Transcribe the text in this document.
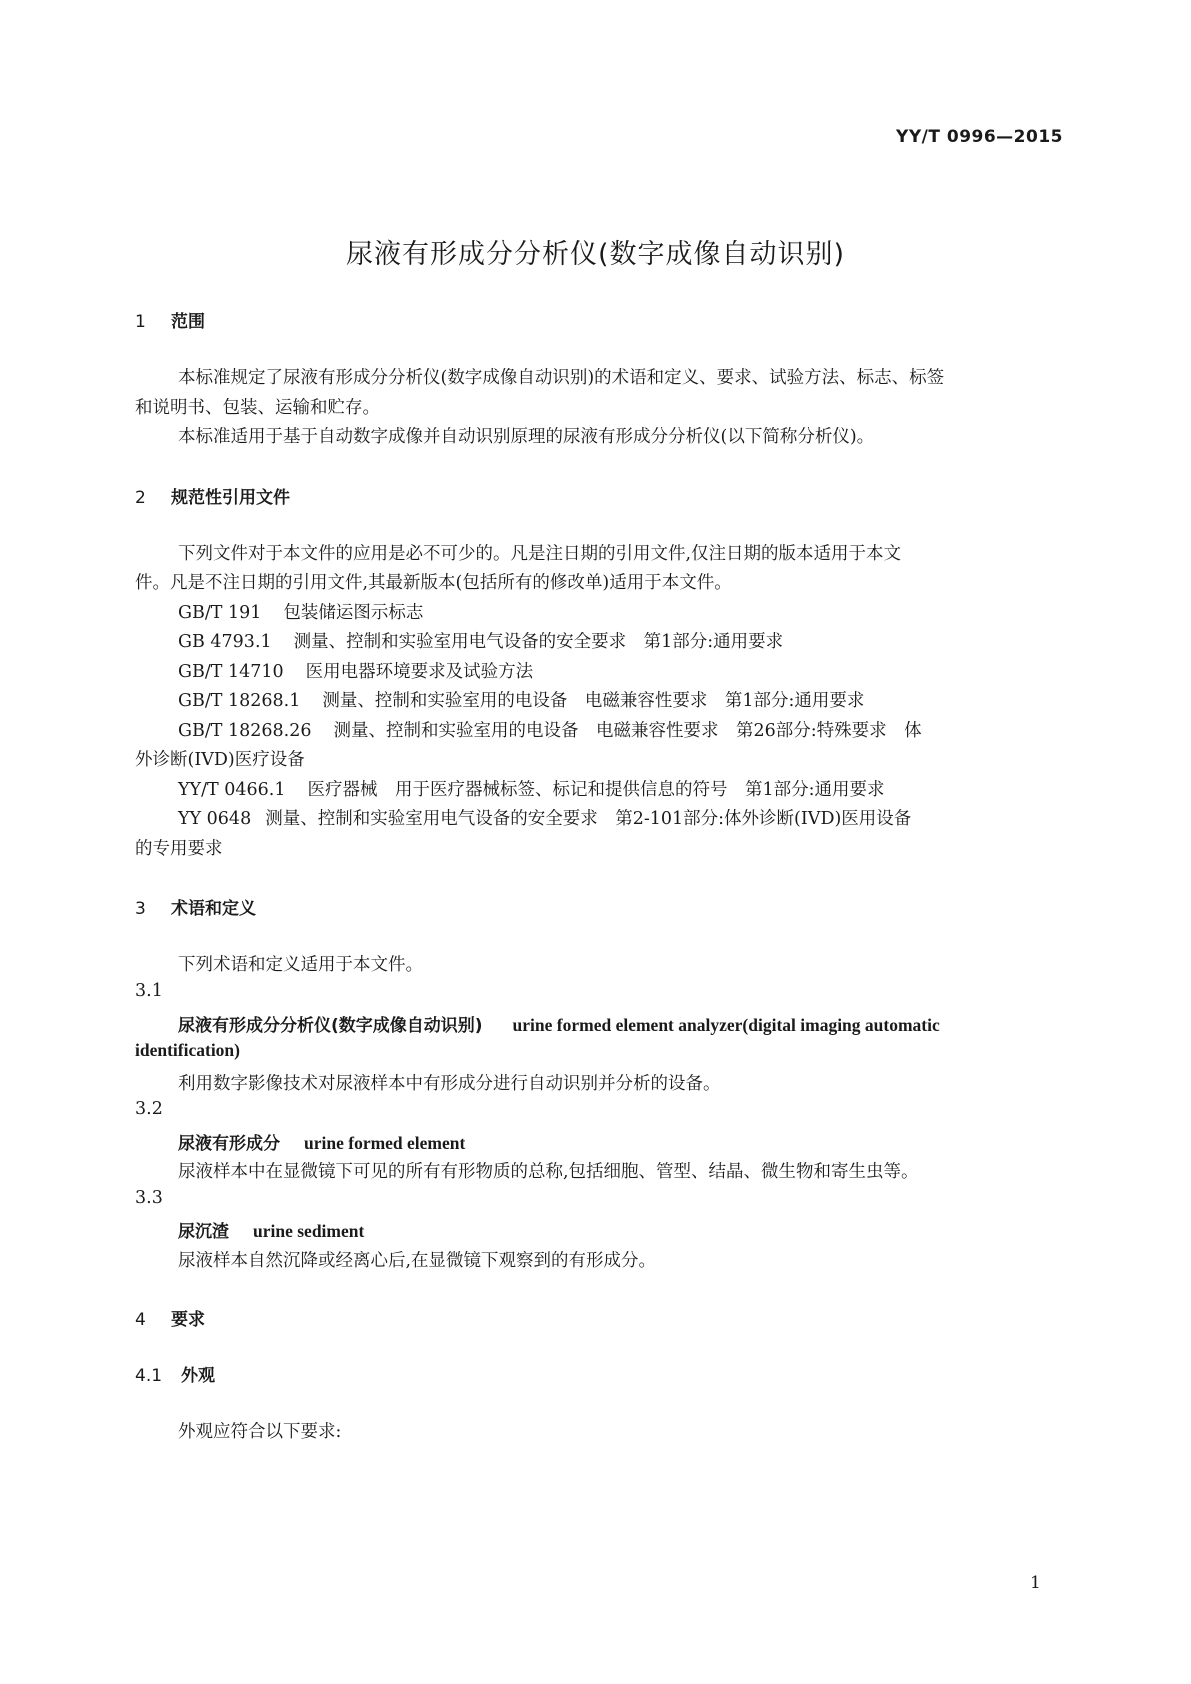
YY/T 0996—2015
尿液有形成分分析仪(数字成像自动识别)
1 范围
本标准规定了尿液有形成分分析仪(数字成像自动识别)的术语和定义、要求、试验方法、标志、标签
和说明书、包装、运输和贮存。
本标准适用于基于自动数字成像并自动识别原理的尿液有形成分分析仪(以下简称分析仪)。
2 规范性引用文件
下列文件对于本文件的应用是必不可少的。凡是注日期的引用文件,仅注日期的版本适用于本文
件。凡是不注日期的引用文件,其最新版本(包括所有的修改单)适用于本文件。
GB/T 191 包装储运图示标志
GB 4793.1 测量、控制和实验室用电气设备的安全要求　第1部分:通用要求
GB/T 14710 医用电器环境要求及试验方法
GB/T 18268.1 测量、控制和实验室用的电设备　电磁兼容性要求　第1部分:通用要求
GB/T 18268.26 测量、控制和实验室用的电设备　电磁兼容性要求　第26部分:特殊要求　体
外诊断(IVD)医疗设备
YY/T 0466.1 医疗器械　用于医疗器械标签、标记和提供信息的符号　第1部分:通用要求
YY 0648 测量、控制和实验室用电气设备的安全要求　第2-101部分:体外诊断(IVD)医用设备
的专用要求
3 术语和定义
下列术语和定义适用于本文件。
3.1
尿液有形成分分析仪(数字成像自动识别) urine formed element analyzer(digital imaging automatic
identification)
利用数字影像技术对尿液样本中有形成分进行自动识别并分析的设备。
3.2
尿液有形成分 urine formed element
尿液样本中在显微镜下可见的所有有形物质的总称,包括细胞、管型、结晶、微生物和寄生虫等。
3.3
尿沉渣 urine sediment
尿液样本自然沉降或经离心后,在显微镜下观察到的有形成分。
4 要求
4.1 外观
外观应符合以下要求:
1
